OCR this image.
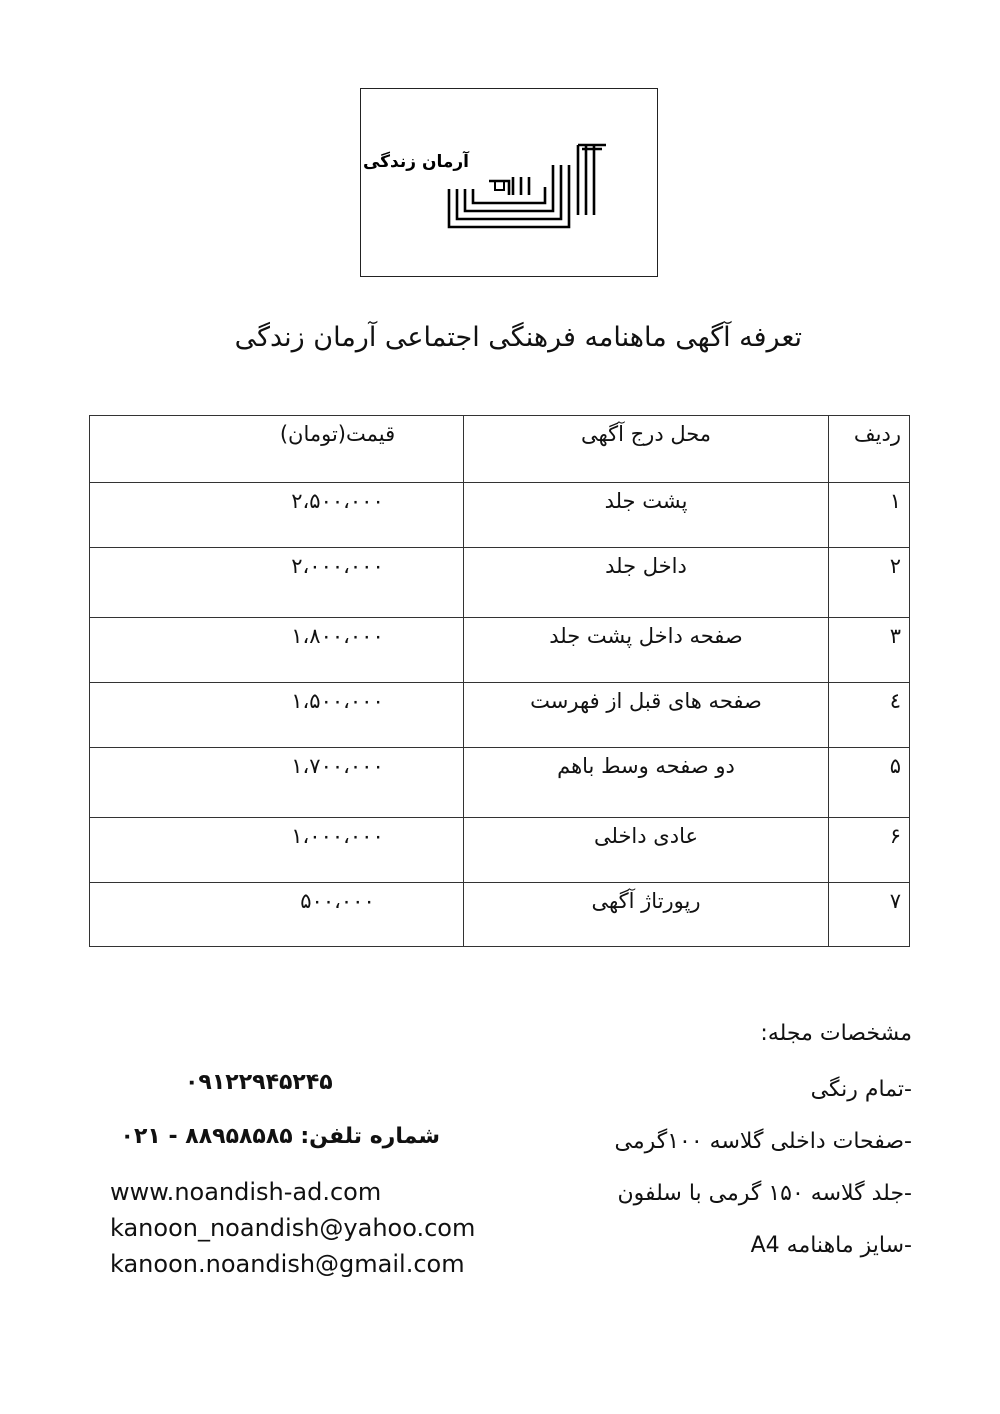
آرمان زندگی
تعرفه آگهی ماهنامه فرهنگی اجتماعی آرمان زندگی
ردیف	محل درج آگهی	قیمت(تومان)
۱	پشت جلد	۲،۵۰۰،۰۰۰
۲	داخل جلد	۲،۰۰۰،۰۰۰
۳	صفحه داخل پشت جلد	۱،۸۰۰،۰۰۰
٤	صفحه های قبل از فهرست	۱،۵۰۰،۰۰۰
۵	دو صفحه وسط باهم	۱،۷۰۰،۰۰۰
۶	عادی داخلی	۱،۰۰۰،۰۰۰
۷	رپورتاژ آگهی	۵۰۰،۰۰۰
مشخصات مجله:
-تمام رنگی
-صفحات داخلی گلاسه ۱۰۰گرمی
-جلد گلاسه ۱۵۰ گرمی با سلفون
-سایز ماهنامه A4
۰۹۱۲۲۹۴۵۲۴۵
شماره تلفن: ۸۸۹۵۸۵۸۵ - ۰۲۱
www.noandish-ad.com
kanoon_noandish@yahoo.com
kanoon.noandish@gmail.com
